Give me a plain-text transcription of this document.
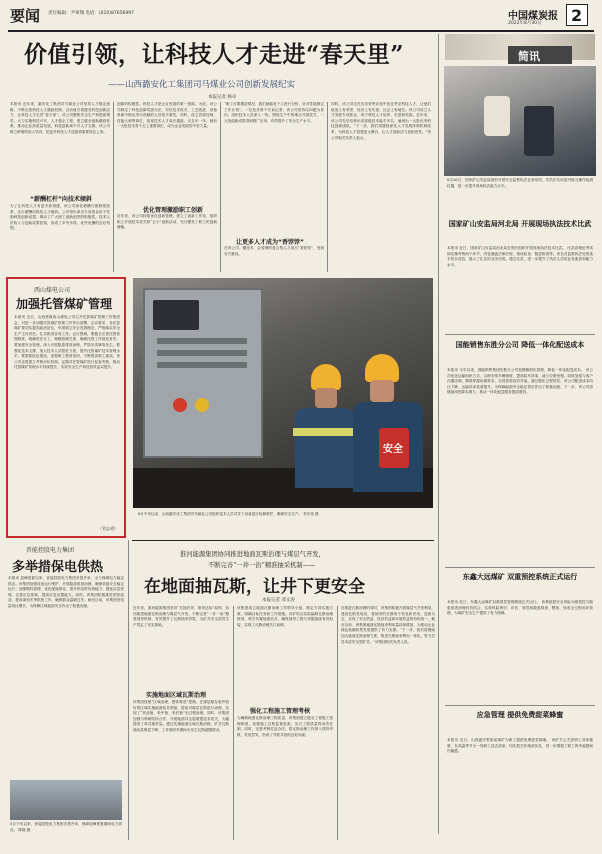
要闻 责任编辑：尹翠翔 电话：(010)87656997	中国煤炭报
2022年8月30日 2
价值引领，让科技人才走进“春天里”
——山西潞安化工集团司马煤业公司创新发展纪实
本报记者 杨卓
本报讯 近年来，潞安化工集团司马煤业公司坚持人才强企战略，不断完善科技人才激励机制，以价值引领激发科技创新活力，让科技人才走进“春天里”。该公司聚焦安全生产和提质增效，大力实施科技兴安、人才强企工程，建立健全创新激励体系，推动企业高质量发展。科技创新离不开人才支撑。该公司树立鲜明的用人导向，把更多科技人才选拔到重要岗位上来。
“薪酬杠杆”向技术倾斜
为了让科技人才有更多获得感，该公司深化薪酬分配制度改革，实行薪酬向科技人才倾斜。公司每年拿出专项资金用于奖励科技创新成果，调动了广大职工创新创效的积极性。技术人员收入与创新成果挂钩，形成了多劳多得、优劳优酬的良好氛围。
创新的积极性。科技人才是企业发展的第一资源。为此，该公司制定了科技创新奖励办法，对在技术攻关、工艺改进、设备革新中做出突出贡献的人员给予重奖。同时，设立首席技师、技能大师等岗位，拓宽技术人才成长通道。仅去年一年，就有一大批技术骨干走上重要岗位，成为企业发展的中坚力量。
优化管理激励职工创新
近年来，该公司持续优化创新管理，建立了创新工作室，组织职工开展技术攻关和“五小”创新活动，充分激发了职工的创新潜能。
“职工可要摸清情况，我们就能有个人进行分析，针对性地制定工作计划”，一位技术骨干告诉记者，该公司坚持以问题为导向，组织技术人员深入一线，围绕生产中的难点开展攻关，一大批创新成果得到推广应用，有效提升了安全生产水平。
让更多人才成为“香饽饽”
在该公司，懂技术、会管理的复合型人才成为“香饽饽”，受到各方重视。
同时，该公司还在各类荣誉评选中优先考虑科技人才，让他们政治上有荣誉、经济上有实惠、社会上有地位。该公司设立人才发展专项基金，用于科技人才培养、引进和奖励。近年来，该公司先后培养出省部级技术能手多名，涌现出一大批优秀科技创新团队。“下一步，我们将继续深化人才发展体制机制改革，为科技人才搭建更大舞台，让人才创新活力竞相迸发。”该公司相关负责人表示。
简讯
8月26日，国家矿山安监局组织开展安全监察执法业务培训，学员在实训室内练习操作检测仪器，进一步提升现场执法能力水平。
国家矿山安监局河北局 开展现场执法技术比武
本报讯 近日，国家矿山安监局河北局在邢台组织开展现场执法技术比武。 比武设理论考试和实操考核两个环节，内容涵盖法律法规、现场检查、隐患排查等。来自各监察执法处的选手同台竞技，展示了扎实的业务功底。通过比武，进一步提升了执法人员的业务素质和能力水平。
国能销售东胜分公司 降低一体化配送成本
本报讯 今年以来，国能销售集团东胜分公司加强精细化管理，降低一体化配送成本。 该公司优化运输组织方式，合理安排车辆调度，提高装车效率，减少空驶里程。同时加强与客户沟通协调，精准掌握用煤需求，实现供需高效对接。通过强化过程管控，该公司配送成本同比下降，运输效率显著提升，为保障能源安全稳定供应作出了积极贡献。下一步，该公司将继续深挖降本潜力，推动一体化配送服务提质增效。
东鑫大远煤矿 双重预控系统正式运行
本报讯 近日，东鑫大远煤矿双重预控管理系统正式运行。 该系统将安全风险分级管控与隐患排查治理有机结合，实现风险辨识、评估、管控和隐患排查、整改、验收全过程闭环管理，为煤矿安全生产提供了有力保障。
应急管理 提供免费甜菜蜂蜜
本报讯 近日，山西潞安集团某煤矿为职工提供免费甜菜蜂蜜。 该矿关心关爱职工身体健康，在高温季节为一线职工送去清凉，切实把关怀落到实处，进一步增强了职工的幸福感和归属感。
西山煤电公司
加强托管煤矿管理
本报讯 近日，山西焦煤西山煤电公司召开托管煤矿管理工作推进会，对进一步加强托管煤矿管理工作作出部署。会议要求，各托管煤矿要切实提高政治站位，牢固树立安全发展理念，严格落实安全生产主体责任，扎实推进各项工作。会议强调，要健全完善托管管理制度，明确责任分工，理顺管理关系，确保托管工作规范有序。要加强安全管理，深入开展隐患排查治理，严防各类事故发生。要强化技术支撑，加大技术人员派驻力度，提升托管煤矿技术管理水平。要狠抓队伍建设，加强职工教育培训，不断提高职工素质。该公司还将建立考核评价机制，定期对托管煤矿进行检查考核，推动托管煤矿管理水平持续提升，实现安全生产和经营效益双提升。
（刘志勇）
安全
8月中旬以来，山西潞安化工集团司马煤业公司组织技术人员对井下设备进行检修维护，确保安全生产。 李宏伟 摄
晋能控股电力集团
多举措保电供热
本报讯 迎峰度夏以来，晋能控股电力集团多措并举，全力保障电力稳定供应。该集团加强设备运行维护，开展隐患排查治理，确保机组安全稳定运行；加强燃料管理，优化配煤掺烧，提升机组带负荷能力；强化应急管理，完善应急预案，提高应急处置能力。同时，该集团积极推进供热改造，提前谋划冬季供热工作，确保群众温暖过冬。截至目前，该集团发电量同比增长，为保障区域能源安全作出了积极贡献。
5月下旬以来，晋能控股电力集团多措并举，保障迎峰度夏期间电力供应。 陈晓 摄
淮河能源集团协同推进地面瓦斯治理与煤层气开发，
不断完善“一井一治”精准抽采机制——
在地面抽瓦斯，让井下更安全
本报记者 邓文涛
近年来，淮河能源集团坚持“先抽后采、抽采达标”原则，协同推进地面瓦斯治理与煤层气开发，不断完善“一井一治”精准抽采机制，有效提升了瓦斯抽采效果，为矿井安全高效生产奠定了坚实基础。
实施地面区域瓦斯治理
该集团按照“区域治理、整体推进”思路，在煤层赋存条件较好的区域实施地面钻井预抽，提前对煤层瓦斯进行治理，实现了“采前抽、采中抽、采后抽”全过程治理。同时，该集团加强与科研院所合作，开展地面井压裂增透技术攻关，大幅提高了单井抽采量。通过实施地面区域瓦斯治理，矿井瓦斯涌出量明显下降，工作面回采期间未发生瓦斯超限情况。
该集团成立地面瓦斯治理工作领导小组，制定专项实施方案，明确目标任务和工作措施。各矿结合实际编制瓦斯治理规划，科学布置地面钻井，确保抽采工程与采掘接续有效衔接，实现了瓦斯治理关口前移。
强化工程施工管理考核
为确保地面瓦斯治理工程质量，该集团建立健全工程施工管理制度，加强施工过程监督检查，实行工程质量终身责任制。同时，完善考核奖惩办法，将瓦斯治理工作纳入绩效考核，奖优罚劣，形成了齐抓共管的良好局面。
在推进瓦斯治理的同时，该集团积极开展煤层气开发利用，建设瓦斯发电站，将抽采的瓦斯用于发电和民用，变废为宝，实现了安全效益、经济效益和环境效益的有机统一。截至目前，该集团地面瓦斯抽采利用量持续增加，为推动企业绿色低碳转型发展提供了有力支撑。“下一步，我们将继续加大地面瓦斯治理力度，推进瓦斯抽采利用一体化，努力打造本质安全型矿井。”该集团相关负责人说。
